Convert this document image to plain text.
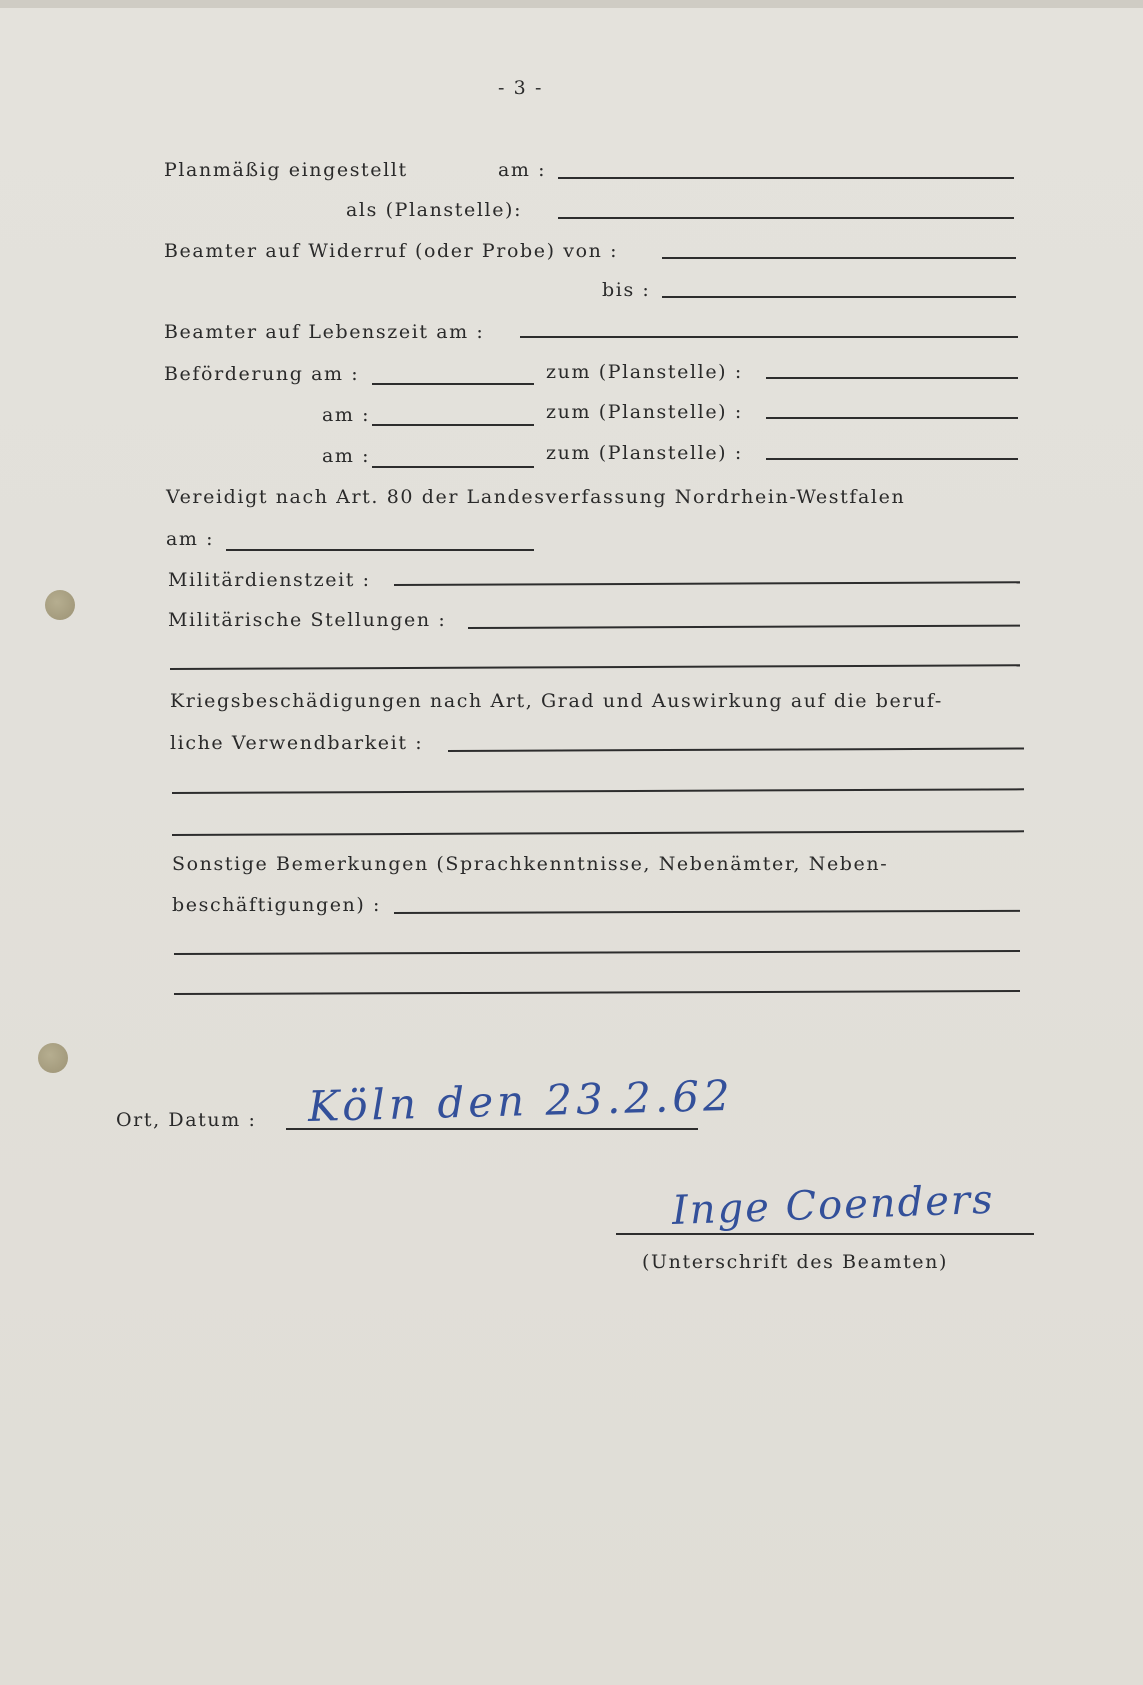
- 3 -
Planmäßig eingestellt	am :
als (Planstelle):
Beamter auf Widerruf (oder Probe) von :
bis :
Beamter auf Lebenszeit am :
Beförderung am :	zum (Planstelle) :
am :	zum (Planstelle) :
am :	zum (Planstelle) :
Vereidigt nach Art. 80 der Landesverfassung Nordrhein-Westfalen
am :
Militärdienstzeit :
Militärische Stellungen :
Kriegsbeschädigungen nach Art, Grad und Auswirkung auf die beruf-
liche Verwendbarkeit :
Sonstige Bemerkungen (Sprachkenntnisse, Nebenämter, Neben-
beschäftigungen) :
Ort, Datum : Köln den 23.2.62
Inge Coenders
(Unterschrift des Beamten)
